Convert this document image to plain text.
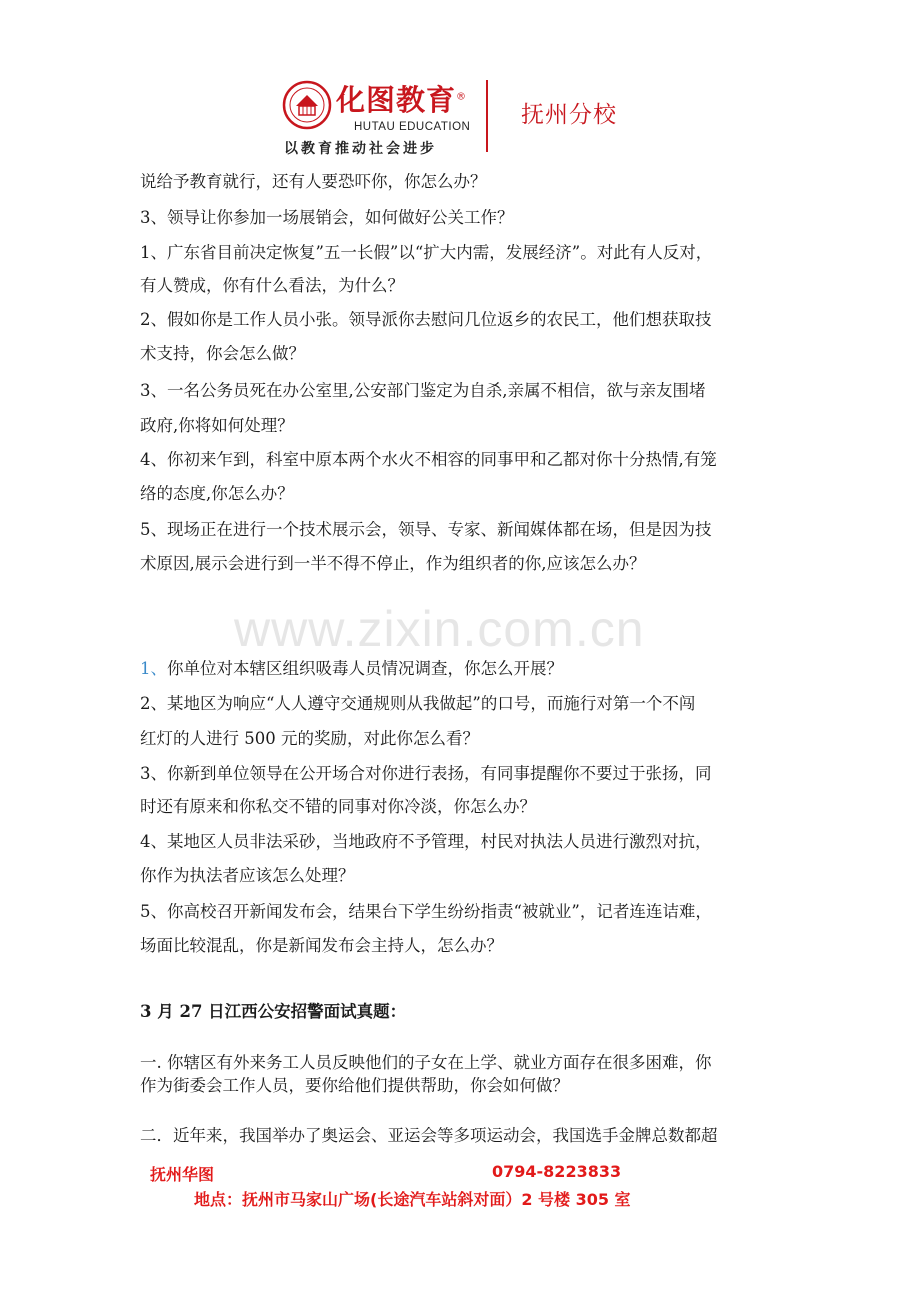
化图教育®
HUTAU EDUCATION
以教育推动社会进步
抚州分校
www.zixin.com.cn
说给予教育就行，还有人要恐吓你，你怎么办？
3、领导让你参加一场展销会，如何做好公关工作？
1、广东省目前决定恢复”五一长假”以“扩大内需，发展经济”。对此有人反对，
有人赞成，你有什么看法，为什么？
2、假如你是工作人员小张。领导派你去慰问几位返乡的农民工，他们想获取技
术支持，你会怎么做？
3、一名公务员死在办公室里,公安部门鉴定为自杀,亲属不相信，欲与亲友围堵
政府,你将如何处理？
4、你初来乍到，科室中原本两个水火不相容的同事甲和乙都对你十分热情,有笼
络的态度,你怎么办？
5、现场正在进行一个技术展示会，领导、专家、新闻媒体都在场，但是因为技
术原因,展示会进行到一半不得不停止，作为组织者的你,应该怎么办？
1、你单位对本辖区组织吸毒人员情况调查，你怎么开展？
2、某地区为响应“人人遵守交通规则从我做起”的口号，而施行对第一个不闯
红灯的人进行 500 元的奖励，对此你怎么看？
3、你新到单位领导在公开场合对你进行表扬，有同事提醒你不要过于张扬，同
时还有原来和你私交不错的同事对你冷淡，你怎么办？
4、某地区人员非法采砂，当地政府不予管理，村民对执法人员进行激烈对抗，
你作为执法者应该怎么处理？
5、你高校召开新闻发布会，结果台下学生纷纷指责“被就业”，记者连连诘难，
场面比较混乱，你是新闻发布会主持人，怎么办？
3 月 27 日江西公安招警面试真题：
一. 你辖区有外来务工人员反映他们的子女在上学、就业方面存在很多困难，你
作为街委会工作人员，要你给他们提供帮助，你会如何做？
二．近年来，我国举办了奥运会、亚运会等多项运动会，我国选手金牌总数都超
抚州华图	0794-8223833
地点：抚州市马家山广场(长途汽车站斜对面）2 号楼 305 室
